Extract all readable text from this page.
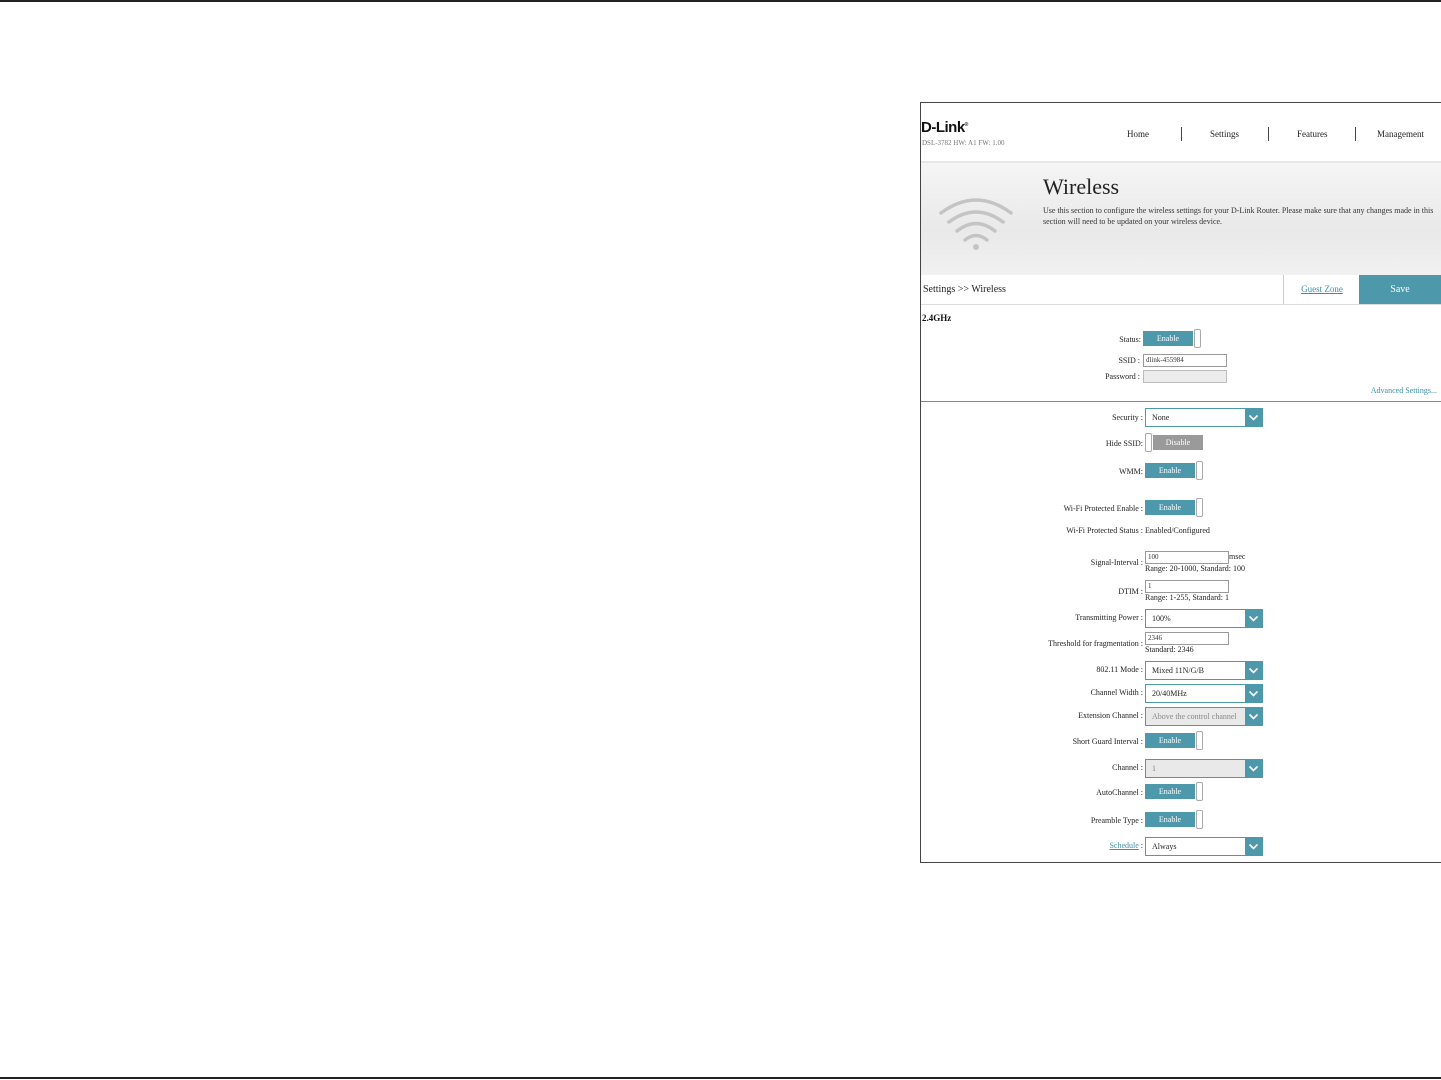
D-Link®
DSL-3782 HW: A1 FW: 1.00
Home	Settings	Features	Management
Wireless
Use this section to configure the wireless settings for your D-Link Router. Please make sure that any changes made in this section will need to be updated on your wireless device.
Settings >> Wireless	Guest Zone	Save
2.4GHz
Status:	Enable
SSID : dlink-455984
Password :
Advanced Settings...
Security : None
Hide SSID:	Disable
WMM:	Enable
Wi-Fi Protected Enable :	Enable
Wi-Fi Protected Status : Enabled/Configured
Signal-Interval :
100	msec
Range: 20-1000, Standard: 100
DTIM :
1
Range: 1-255, Standard: 1
Transmitting Power : 100%
Threshold for fragmentation :
2346
Standard: 2346
802.11 Mode : Mixed 11N/G/B
Channel Width : 20/40MHz
Extension Channel : Above the control channel
Short Guard Interval :	Enable
Channel : 1
AutoChannel :	Enable
Preamble Type :	Enable
Schedule : Always
